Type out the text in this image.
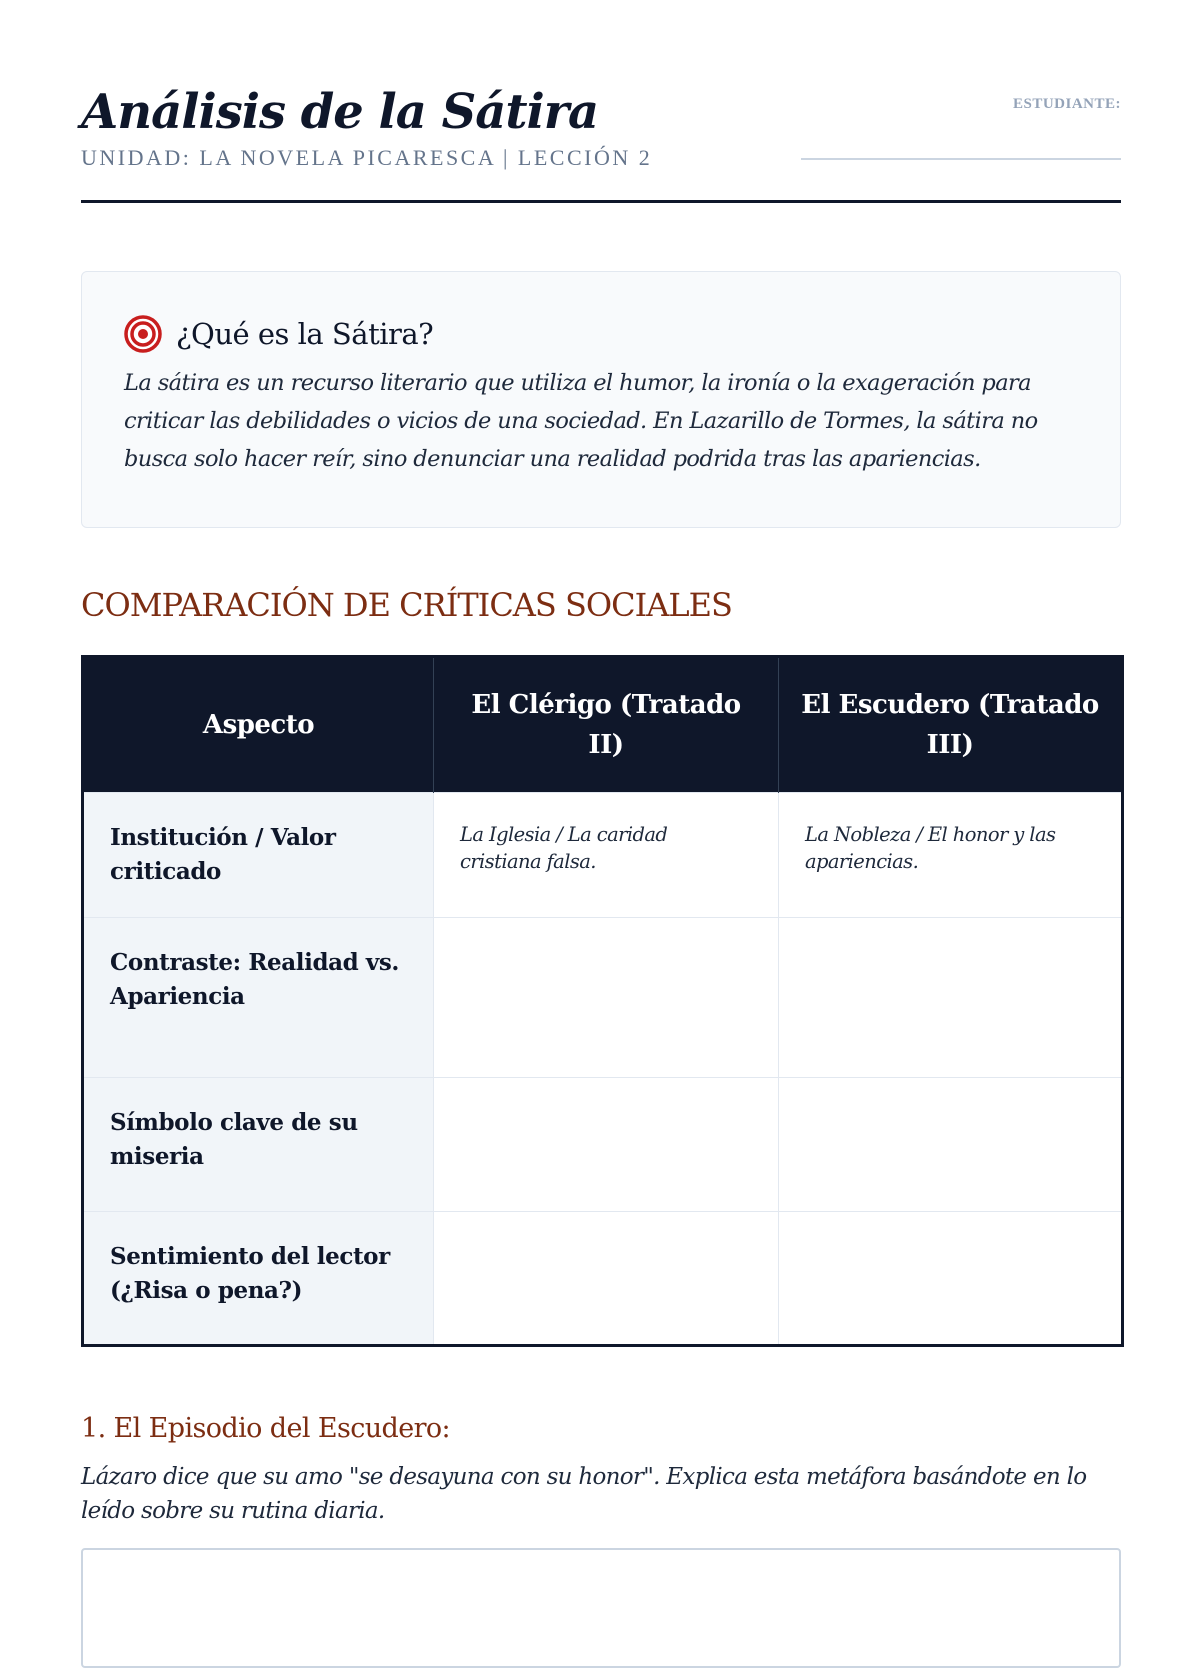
Análisis de la Sátira
UNIDAD: LA NOVELA PICARESCA | LECCIÓN 2
ESTUDIANTE:
¿Qué es la Sátira?
La sátira es un recurso literario que utiliza el humor, la ironía o la exageración para criticar las debilidades o vicios de una sociedad. En Lazarillo de Tormes, la sátira no busca solo hacer reír, sino denunciar una realidad podrida tras las apariencias.
COMPARACIÓN DE CRÍTICAS SOCIALES
Aspecto	El Clérigo (Tratado II)	El Escudero (Tratado III)
Institución / Valor criticado	La Iglesia / La caridad cristiana falsa.	La Nobleza / El honor y las apariencias.
Contraste: Realidad vs. Apariencia		
Símbolo clave de su miseria		
Sentimiento del lector (¿Risa o pena?)		
1. El Episodio del Escudero:
Lázaro dice que su amo "se desayuna con su honor". Explica esta metáfora basándote en lo leído sobre su rutina diaria.
